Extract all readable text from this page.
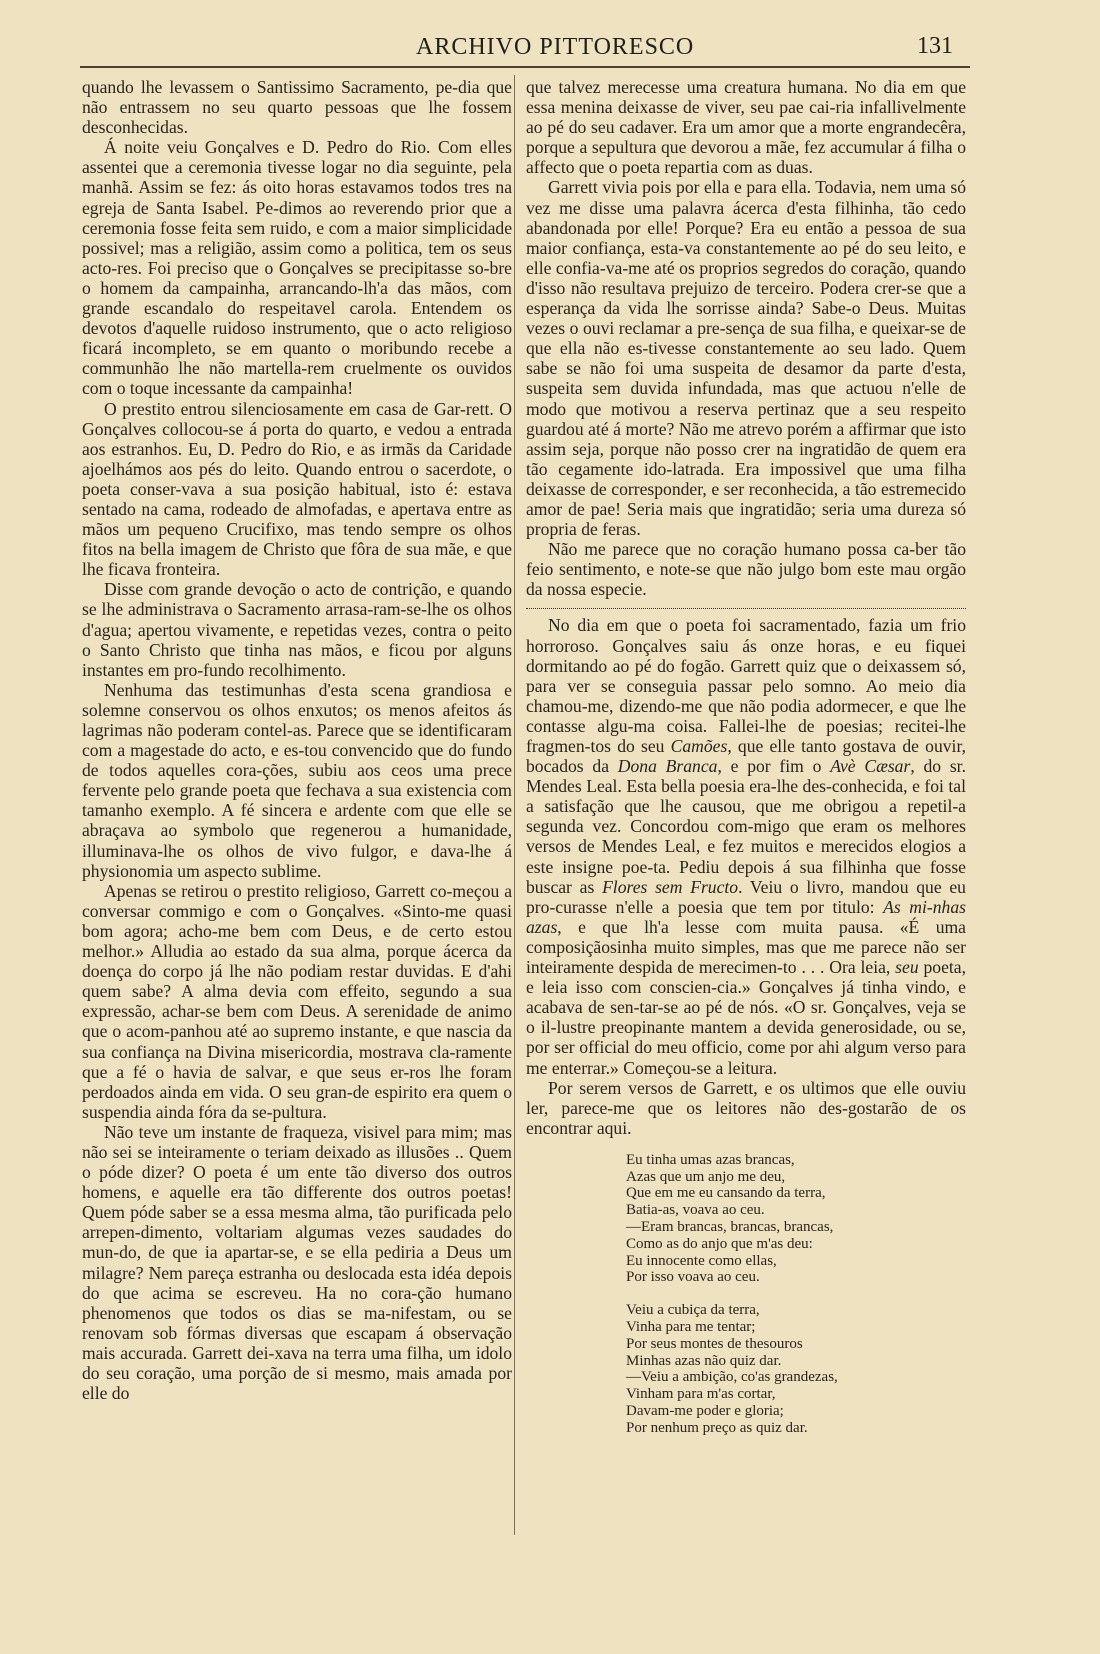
ARCHIVO PITTORESCO	131

quando lhe levassem o Santissimo Sacramento, pe-dia que não entrassem no seu quarto pessoas que lhe fossem desconhecidas.

Á noite veiu Gonçalves e D. Pedro do Rio. Com elles assentei que a ceremonia tivesse logar no dia seguinte, pela manhã. Assim se fez: ás oito horas estavamos todos tres na egreja de Santa Isabel. Pe-dimos ao reverendo prior que a ceremonia fosse feita sem ruido, e com a maior simplicidade possivel; mas a religião, assim como a politica, tem os seus acto-res. Foi preciso que o Gonçalves se precipitasse so-bre o homem da campainha, arrancando-lh'a das mãos, com grande escandalo do respeitavel carola. Entendem os devotos d'aquelle ruidoso instrumento, que o acto religioso ficará incompleto, se em quanto o moribundo recebe a communhão lhe não martella-rem cruelmente os ouvidos com o toque incessante da campainha!

O prestito entrou silenciosamente em casa de Gar-rett. O Gonçalves collocou-se á porta do quarto, e vedou a entrada aos estranhos. Eu, D. Pedro do Rio, e as irmãs da Caridade ajoelhámos aos pés do leito. Quando entrou o sacerdote, o poeta conser-vava a sua posição habitual, isto é: estava sentado na cama, rodeado de almofadas, e apertava entre as mãos um pequeno Crucifixo, mas tendo sempre os olhos fitos na bella imagem de Christo que fôra de sua mãe, e que lhe ficava fronteira.

Disse com grande devoção o acto de contrição, e quando se lhe administrava o Sacramento arrasa-ram-se-lhe os olhos d'agua; apertou vivamente, e repetidas vezes, contra o peito o Santo Christo que tinha nas mãos, e ficou por alguns instantes em pro-fundo recolhimento.

Nenhuma das testimunhas d'esta scena grandiosa e solemne conservou os olhos enxutos; os menos afeitos ás lagrimas não poderam contel-as. Parece que se identificaram com a magestade do acto, e es-tou convencido que do fundo de todos aquelles cora-ções, subiu aos ceos uma prece fervente pelo grande poeta que fechava a sua existencia com tamanho exemplo. A fé sincera e ardente com que elle se abraçava ao symbolo que regenerou a humanidade, illuminava-lhe os olhos de vivo fulgor, e dava-lhe á physionomia um aspecto sublime.

Apenas se retirou o prestito religioso, Garrett co-meçou a conversar commigo e com o Gonçalves. «Sinto-me quasi bom agora; acho-me bem com Deus, e de certo estou melhor.» Alludia ao estado da sua alma, porque ácerca da doença do corpo já lhe não podiam restar duvidas. E d'ahi quem sabe? A alma devia com effeito, segundo a sua expressão, achar-se bem com Deus. A serenidade de animo que o acom-panhou até ao supremo instante, e que nascia da sua confiança na Divina misericordia, mostrava cla-ramente que a fé o havia de salvar, e que seus er-ros lhe foram perdoados ainda em vida. O seu gran-de espirito era quem o suspendia ainda fóra da se-pultura.

Não teve um instante de fraqueza, visivel para mim; mas não sei se inteiramente o teriam deixado as illusões .. Quem o póde dizer? O poeta é um ente tão diverso dos outros homens, e aquelle era tão differente dos outros poetas! Quem póde saber se a essa mesma alma, tão purificada pelo arrepen-dimento, voltariam algumas vezes saudades do mun-do, de que ia apartar-se, e se ella pediria a Deus um milagre? Nem pareça estranha ou deslocada esta idéa depois do que acima se escreveu. Ha no cora-ção humano phenomenos que todos os dias se ma-nifestam, ou se renovam sob fórmas diversas que escapam á observação mais accurada. Garrett dei-xava na terra uma filha, um idolo do seu coração, uma porção de si mesmo, mais amada por elle do

que talvez merecesse uma creatura humana. No dia em que essa menina deixasse de viver, seu pae cai-ria infallivelmente ao pé do seu cadaver. Era um amor que a morte engrandecêra, porque a sepultura que devorou a mãe, fez accumular á filha o affecto que o poeta repartia com as duas.

Garrett vivia pois por ella e para ella. Todavia, nem uma só vez me disse uma palavra ácerca d'esta filhinha, tão cedo abandonada por elle! Porque? Era eu então a pessoa de sua maior confiança, esta-va constantemente ao pé do seu leito, e elle confia-va-me até os proprios segredos do coração, quando d'isso não resultava prejuizo de terceiro. Podera crer-se que a esperança da vida lhe sorrisse ainda? Sabe-o Deus. Muitas vezes o ouvi reclamar a pre-sença de sua filha, e queixar-se de que ella não es-tivesse constantemente ao seu lado. Quem sabe se não foi uma suspeita de desamor da parte d'esta, suspeita sem duvida infundada, mas que actuou n'elle de modo que motivou a reserva pertinaz que a seu respeito guardou até á morte? Não me atrevo porém a affirmar que isto assim seja, porque não posso crer na ingratidão de quem era tão cegamente ido-latrada. Era impossivel que uma filha deixasse de corresponder, e ser reconhecida, a tão estremecido amor de pae! Seria mais que ingratidão; seria uma dureza só propria de feras.

Não me parece que no coração humano possa ca-ber tão feio sentimento, e note-se que não julgo bom este mau orgão da nossa especie.

No dia em que o poeta foi sacramentado, fazia um frio horroroso. Gonçalves saiu ás onze horas, e eu fiquei dormitando ao pé do fogão. Garrett quiz que o deixassem só, para ver se conseguia passar pelo somno. Ao meio dia chamou-me, dizendo-me que não podia adormecer, e que lhe contasse algu-ma coisa. Fallei-lhe de poesias; recitei-lhe fragmen-tos do seu Camões, que elle tanto gostava de ouvir, bocados da Dona Branca, e por fim o Avè Cæsar, do sr. Mendes Leal. Esta bella poesia era-lhe des-conhecida, e foi tal a satisfação que lhe causou, que me obrigou a repetil-a segunda vez. Concordou com-migo que eram os melhores versos de Mendes Leal, e fez muitos e merecidos elogios a este insigne poe-ta. Pediu depois á sua filhinha que fosse buscar as Flores sem Fructo. Veiu o livro, mandou que eu pro-curasse n'elle a poesia que tem por titulo: As mi-nhas azas, e que lh'a lesse com muita pausa. «É uma composiçãosinha muito simples, mas que me parece não ser inteiramente despida de merecimen-to . . . Ora leia, seu poeta, e leia isso com conscien-cia.» Gonçalves já tinha vindo, e acabava de sen-tar-se ao pé de nós. «O sr. Gonçalves, veja se o il-lustre preopinante mantem a devida generosidade, ou se, por ser official do meu officio, come por ahi algum verso para me enterrar.» Começou-se a leitura.

Por serem versos de Garrett, e os ultimos que elle ouviu ler, parece-me que os leitores não des-gostarão de os encontrar aqui.

Eu tinha umas azas brancas,
Azas que um anjo me deu,
Que em me eu cansando da terra,
Batia-as, voava ao ceu.
—Eram brancas, brancas, brancas,
Como as do anjo que m'as deu:
Eu innocente como ellas,
Por isso voava ao ceu.
Veiu a cubiça da terra,
Vinha para me tentar;
Por seus montes de thesouros
Minhas azas não quiz dar.
—Veiu a ambição, co'as grandezas,
Vinham para m'as cortar,
Davam-me poder e gloria;
Por nenhum preço as quiz dar.
